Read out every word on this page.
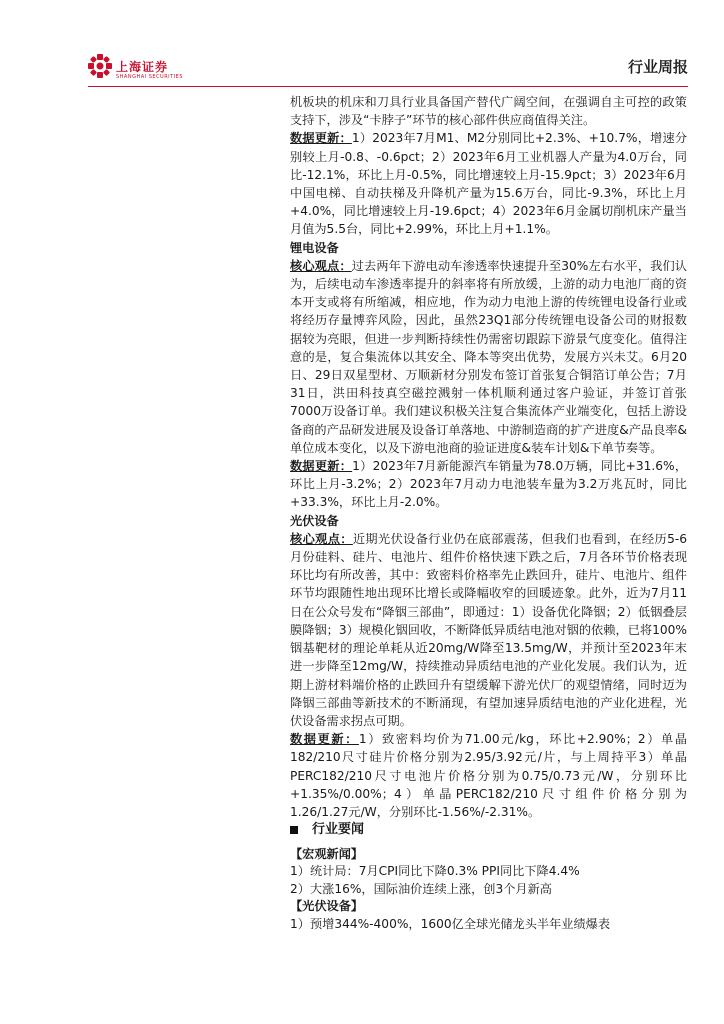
上海证券
SHANGHAI SECURITIES
行业周报

机板块的机床和刀具行业具备国产替代广阔空间，在强调自主可控的政策支持下，涉及“卡脖子”环节的核心部件供应商值得关注。

数据更新：1）2023年7月M1、M2分别同比+2.3%、+10.7%，增速分别较上月-0.8、-0.6pct；2）2023年6月工业机器人产量为4.0万台，同比-12.1%，环比上月-0.5%，同比增速较上月-15.9pct；3）2023年6月中国电梯、自动扶梯及升降机产量为15.6万台，同比-9.3%，环比上月+4.0%，同比增速较上月-19.6pct；4）2023年6月金属切削机床产量当月值为5.5台，同比+2.99%，环比上月+1.1%。

锂电设备

核心观点：过去两年下游电动车渗透率快速提升至30%左右水平，我们认为，后续电动车渗透率提升的斜率将有所放缓，上游的动力电池厂商的资本开支或将有所缩减，相应地，作为动力电池上游的传统锂电设备行业或将经历存量博弈风险，因此，虽然23Q1部分传统锂电设备公司的财报数据较为亮眼，但进一步判断持续性仍需密切跟踪下游景气度变化。值得注意的是，复合集流体以其安全、降本等突出优势，发展方兴未艾。6月20日、29日双星型材、万顺新材分别发布签订首张复合铜箔订单公告；7月31日，洪田科技真空磁控溅射一体机顺利通过客户验证，并签订首张7000万设备订单。我们建议积极关注复合集流体产业端变化，包括上游设备商的产品研发进展及设备订单落地、中游制造商的扩产进度&产品良率&单位成本变化，以及下游电池商的验证进度&装车计划&下单节奏等。

数据更新：1）2023年7月新能源汽车销量为78.0万辆，同比+31.6%，环比上月-3.2%；2）2023年7月动力电池装车量为3.2万兆瓦时，同比+33.3%，环比上月-2.0%。

光伏设备

核心观点：近期光伏设备行业仍在底部震荡，但我们也看到，在经历5-6月份硅料、硅片、电池片、组件价格快速下跌之后，7月各环节价格表现环比均有所改善，其中：致密料价格率先止跌回升，硅片、电池片、组件环节均跟随性地出现环比增长或降幅收窄的回暖迹象。此外，近为7月11日在公众号发布“降铟三部曲”，即通过：1）设备优化降铟；2）低铟叠层膜降铟；3）规模化铟回收，不断降低异质结电池对铟的依赖，已将100%铟基靶材的理论单耗从近20mg/W降至13.5mg/W，并预计至2023年末进一步降至12mg/W，持续推动异质结电池的产业化发展。我们认为，近期上游材料端价格的止跌回升有望缓解下游光伏厂的观望情绪，同时迈为降铟三部曲等新技术的不断涌现，有望加速异质结电池的产业化进程，光伏设备需求拐点可期。

数据更新：1）致密料均价为71.00元/kg，环比+2.90%；2）单晶182/210尺寸硅片价格分别为2.95/3.92元/片，与上周持平3）单晶PERC182/210尺寸电池片价格分别为0.75/0.73元/W，分别环比+1.35%/0.00%；4）单晶PERC182/210尺寸组件价格分别为1.26/1.27元/W，分别环比-1.56%/-2.31%。

行业要闻

【宏观新闻】

1）统计局：7月CPI同比下降0.3% PPI同比下降4.4%

2）大涨16%，国际油价连续上涨，创3个月新高

【光伏设备】

1）预增344%-400%，1600亿全球光储龙头半年业绩爆表
